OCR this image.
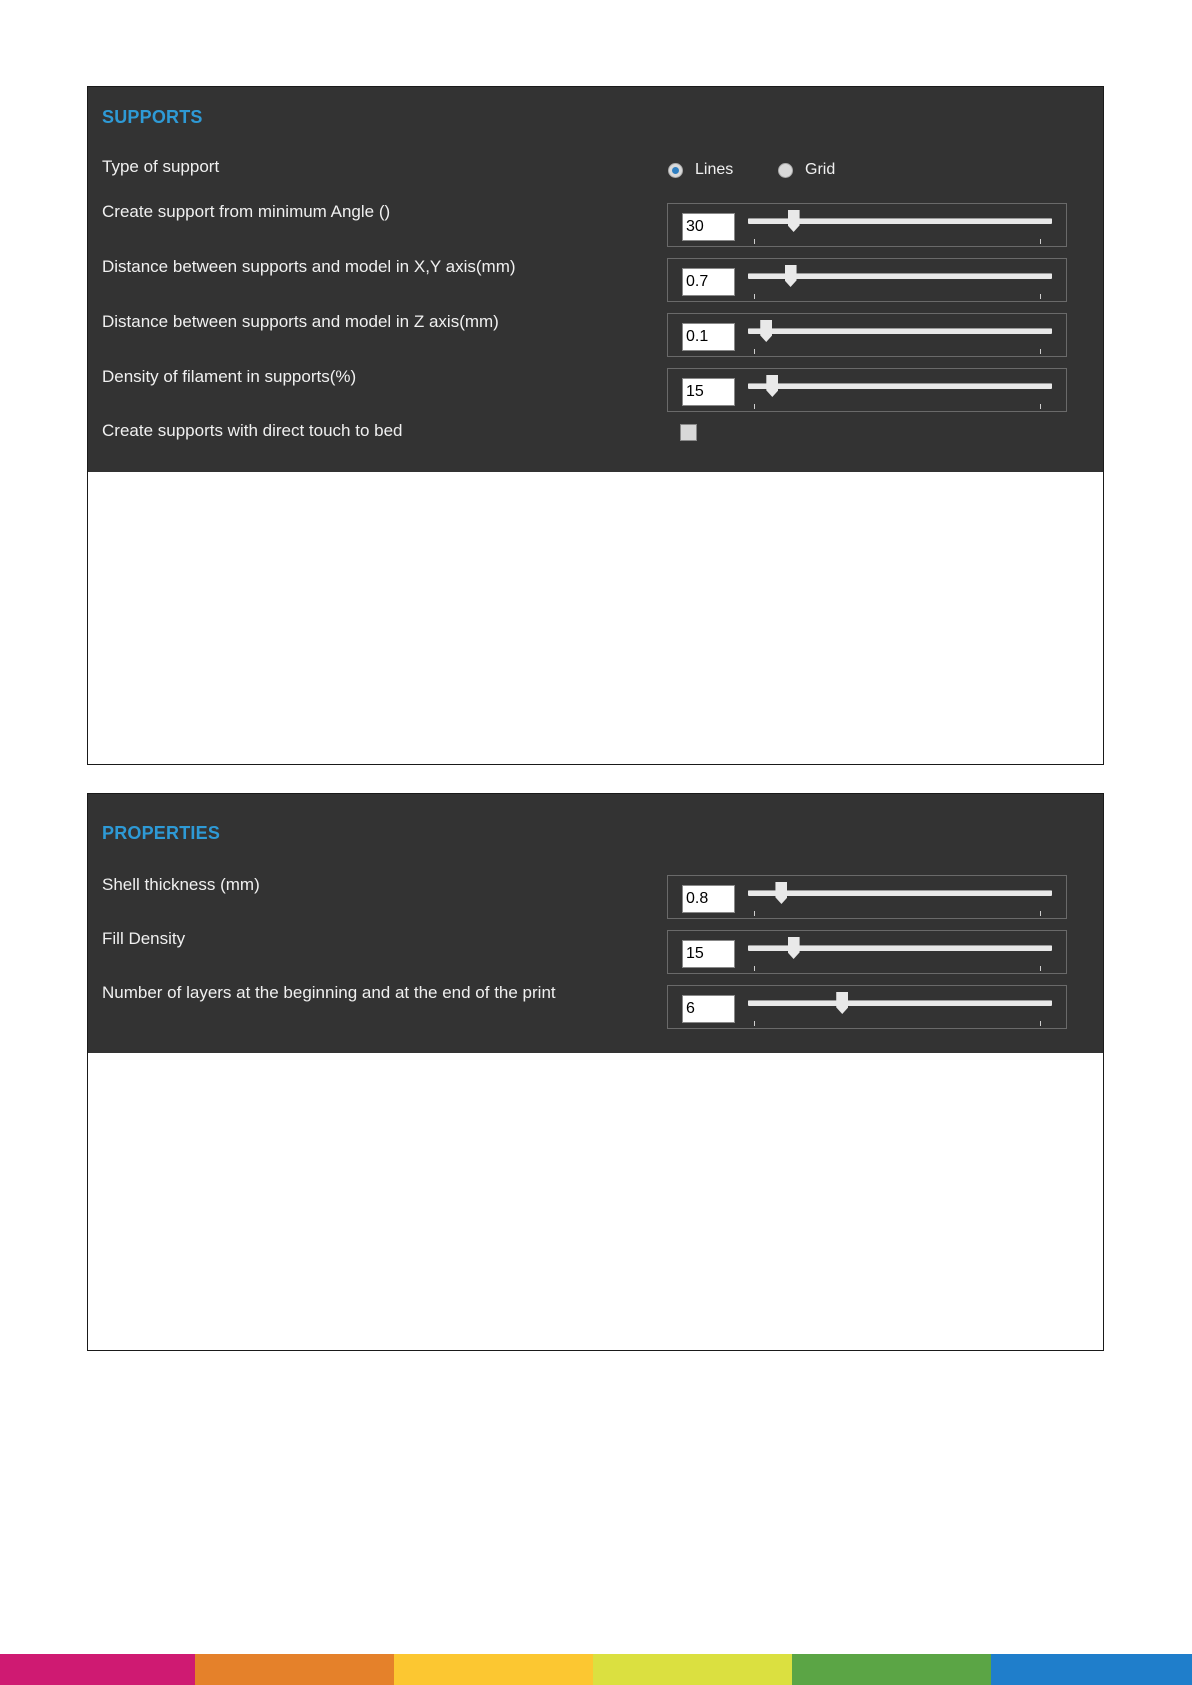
SUPPORTS
Type of support	Lines	Grid
Create support from minimum Angle ()
30
Distance between supports and model in X,Y axis(mm)
0.7
Distance between supports and model in Z axis(mm)
0.1
Density of filament in supports(%)
15
Create supports with direct touch to bed
PROPERTIES
Shell thickness (mm)
0.8
Fill Density
15
Number of layers at the beginning and at the end of the print
6
